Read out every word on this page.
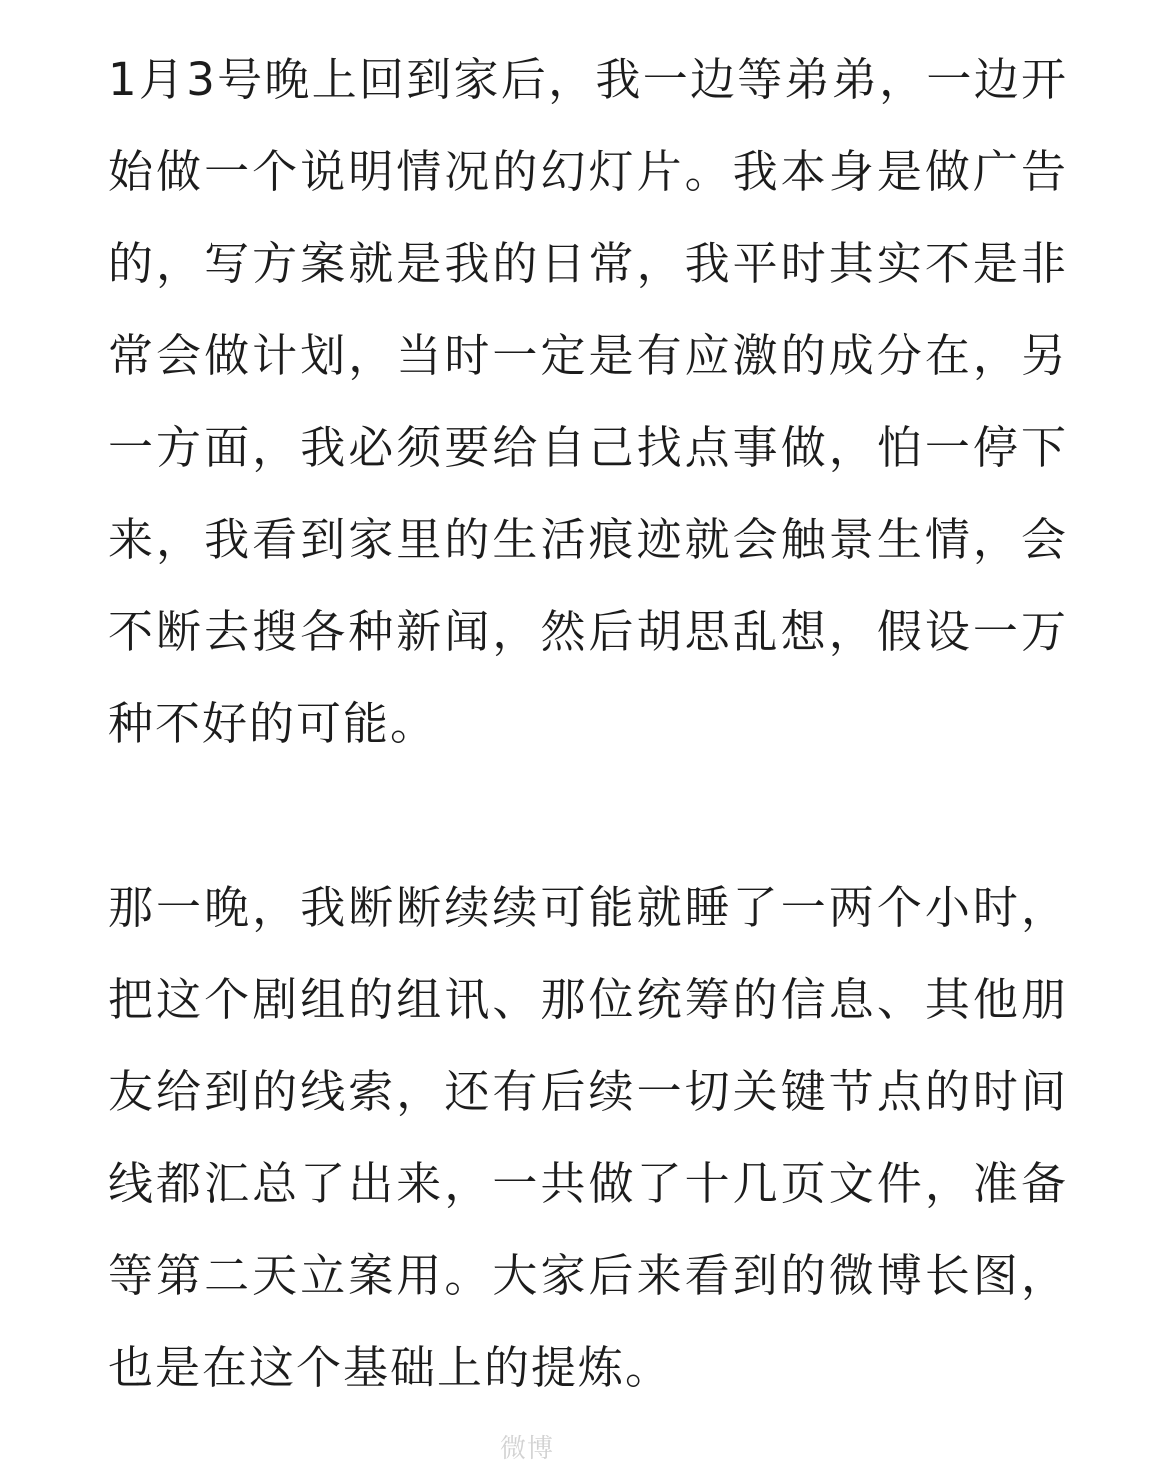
1月3号晚上回到家后，我一边等弟弟，一边开始做一个说明情况的幻灯片。我本身是做广告的，写方案就是我的日常，我平时其实不是非常会做计划，当时一定是有应激的成分在，另一方面，我必须要给自己找点事做，怕一停下来，我看到家里的生活痕迹就会触景生情，会不断去搜各种新闻，然后胡思乱想，假设一万种不好的可能。

那一晚，我断断续续可能就睡了一两个小时，把这个剧组的组讯、那位统筹的信息、其他朋友给到的线索，还有后续一切关键节点的时间线都汇总了出来，一共做了十几页文件，准备等第二天立案用。大家后来看到的微博长图，也是在这个基础上的提炼。

微博
